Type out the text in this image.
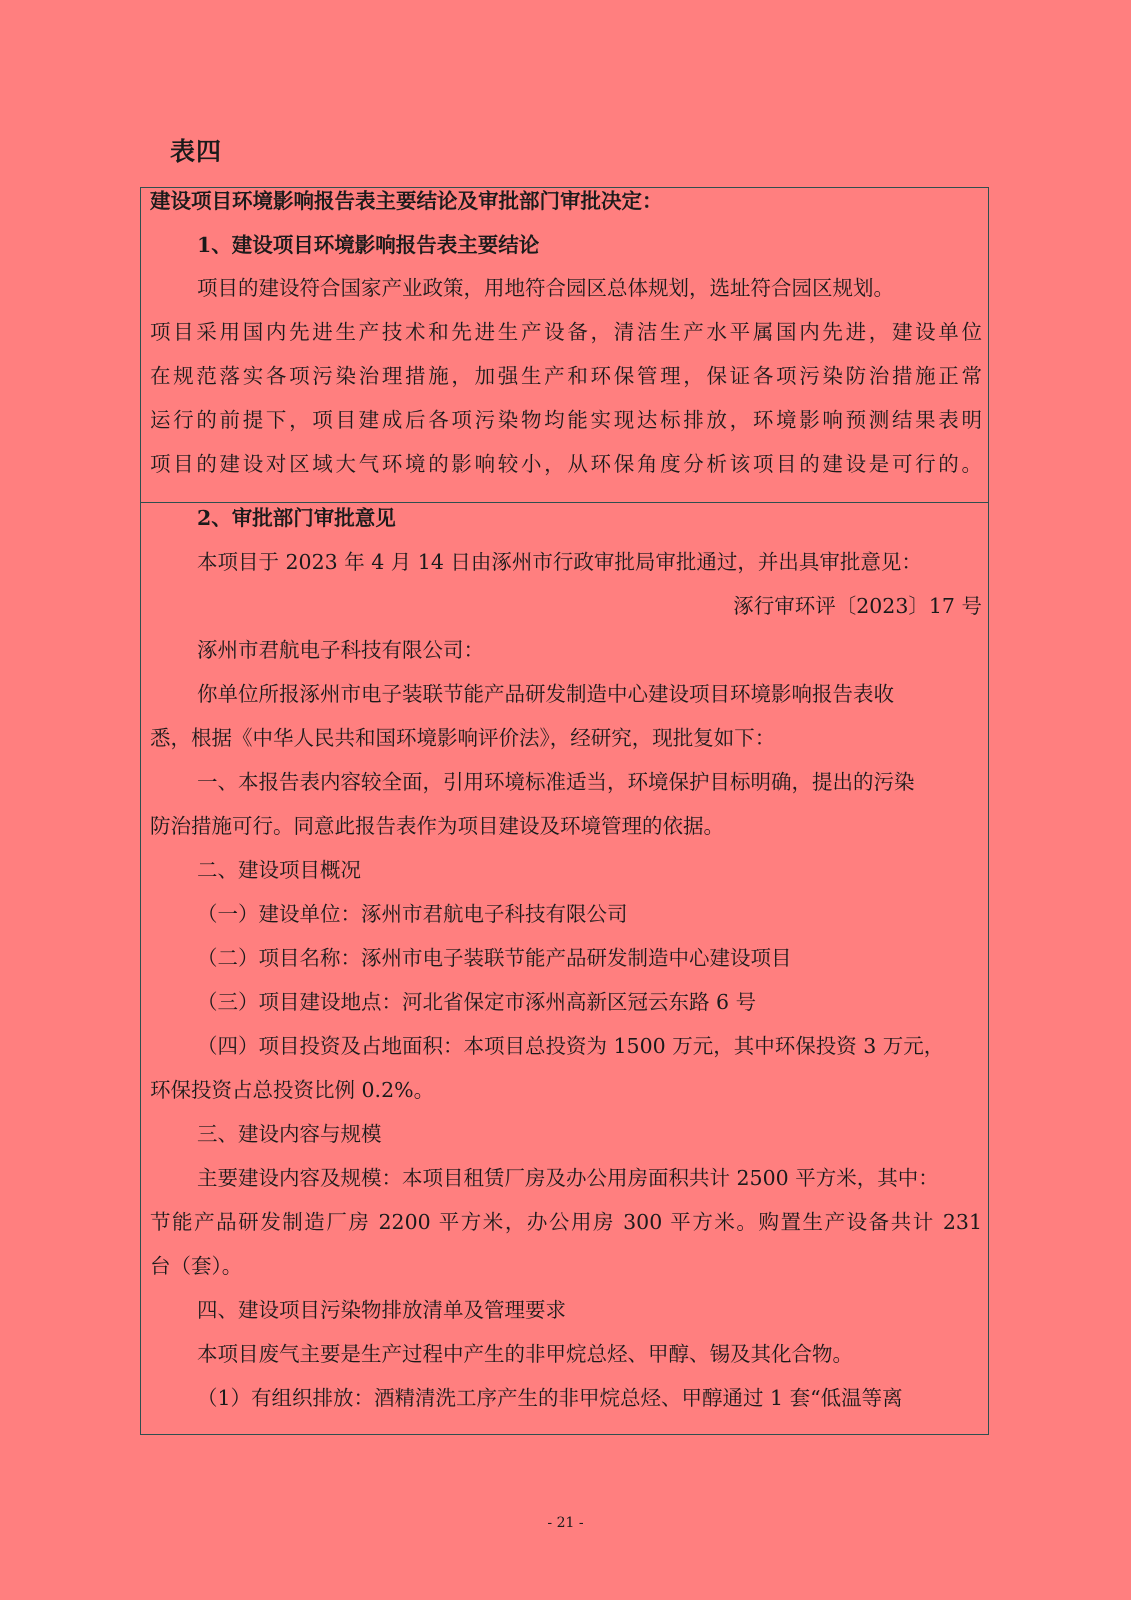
表四
建设项目环境影响报告表主要结论及审批部门审批决定：
1、建设项目环境影响报告表主要结论
项目的建设符合国家产业政策，用地符合园区总体规划，选址符合园区规划。
项目采用国内先进生产技术和先进生产设备，清洁生产水平属国内先进，建设单位
在规范落实各项污染治理措施，加强生产和环保管理，保证各项污染防治措施正常
运行的前提下，项目建成后各项污染物均能实现达标排放，环境影响预测结果表明
项目的建设对区域大气环境的影响较小，从环保角度分析该项目的建设是可行的。
2、审批部门审批意见
本项目于 2023 年 4 月 14 日由涿州市行政审批局审批通过，并出具审批意见：
涿行审环评〔2023〕17 号
涿州市君航电子科技有限公司：
你单位所报涿州市电子装联节能产品研发制造中心建设项目环境影响报告表收
悉，根据《中华人民共和国环境影响评价法》，经研究，现批复如下：
一、本报告表内容较全面，引用环境标准适当，环境保护目标明确，提出的污染
防治措施可行。同意此报告表作为项目建设及环境管理的依据。
二、建设项目概况
（一）建设单位：涿州市君航电子科技有限公司
（二）项目名称：涿州市电子装联节能产品研发制造中心建设项目
（三）项目建设地点：河北省保定市涿州高新区冠云东路 6 号
（四）项目投资及占地面积：本项目总投资为 1500 万元，其中环保投资 3 万元，
环保投资占总投资比例 0.2%。
三、建设内容与规模
主要建设内容及规模：本项目租赁厂房及办公用房面积共计 2500 平方米，其中：
节能产品研发制造厂房 2200 平方米，办公用房 300 平方米。购置生产设备共计 231
台（套）。
四、建设项目污染物排放清单及管理要求
本项目废气主要是生产过程中产生的非甲烷总烃、甲醇、锡及其化合物。
（1）有组织排放：酒精清洗工序产生的非甲烷总烃、甲醇通过 1 套“低温等离
- 21 -
